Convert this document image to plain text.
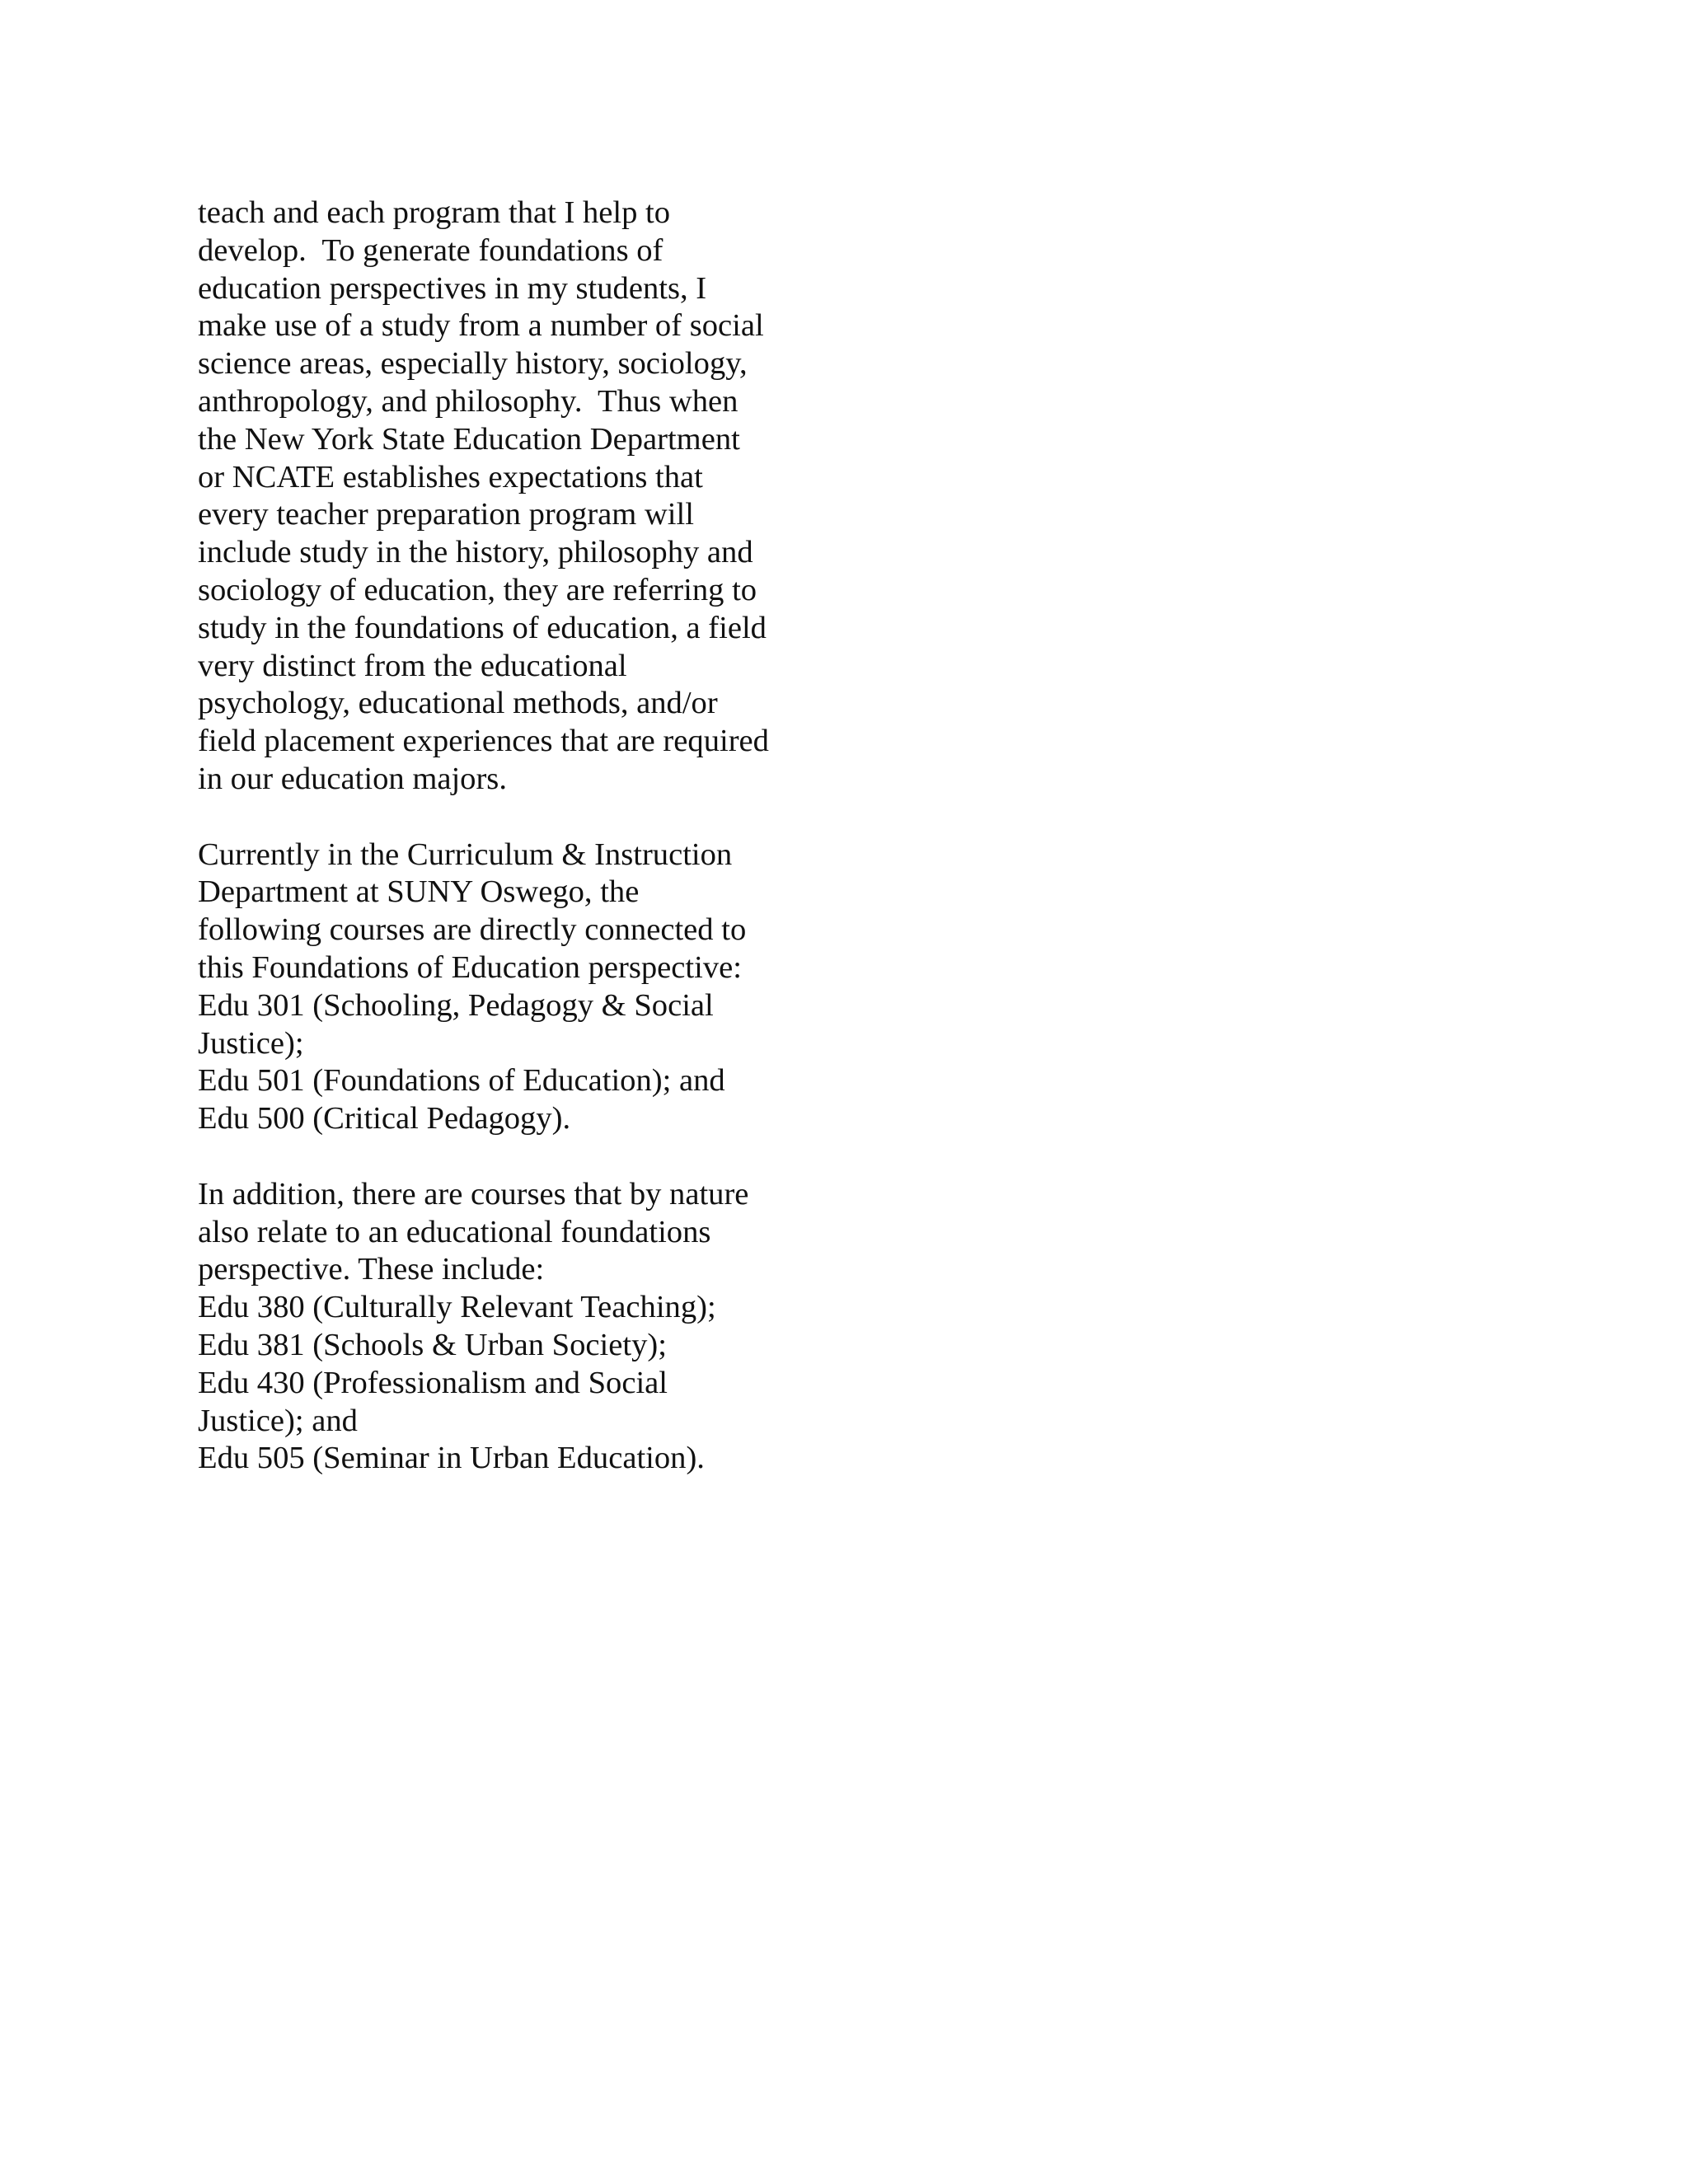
teach and each program that I help to
develop.  To generate foundations of
education perspectives in my students, I
make use of a study from a number of social
science areas, especially history, sociology,
anthropology, and philosophy.  Thus when
the New York State Education Department
or NCATE establishes expectations that
every teacher preparation program will
include study in the history, philosophy and
sociology of education, they are referring to
study in the foundations of education, a field
very distinct from the educational
psychology, educational methods, and/or
field placement experiences that are required
in our education majors.
Currently in the Curriculum & Instruction
Department at SUNY Oswego, the
following courses are directly connected to
this Foundations of Education perspective:
Edu 301 (Schooling, Pedagogy & Social
Justice);
Edu 501 (Foundations of Education); and
Edu 500 (Critical Pedagogy).
In addition, there are courses that by nature
also relate to an educational foundations
perspective. These include:
Edu 380 (Culturally Relevant Teaching);
Edu 381 (Schools & Urban Society);
Edu 430 (Professionalism and Social
Justice); and
Edu 505 (Seminar in Urban Education).
